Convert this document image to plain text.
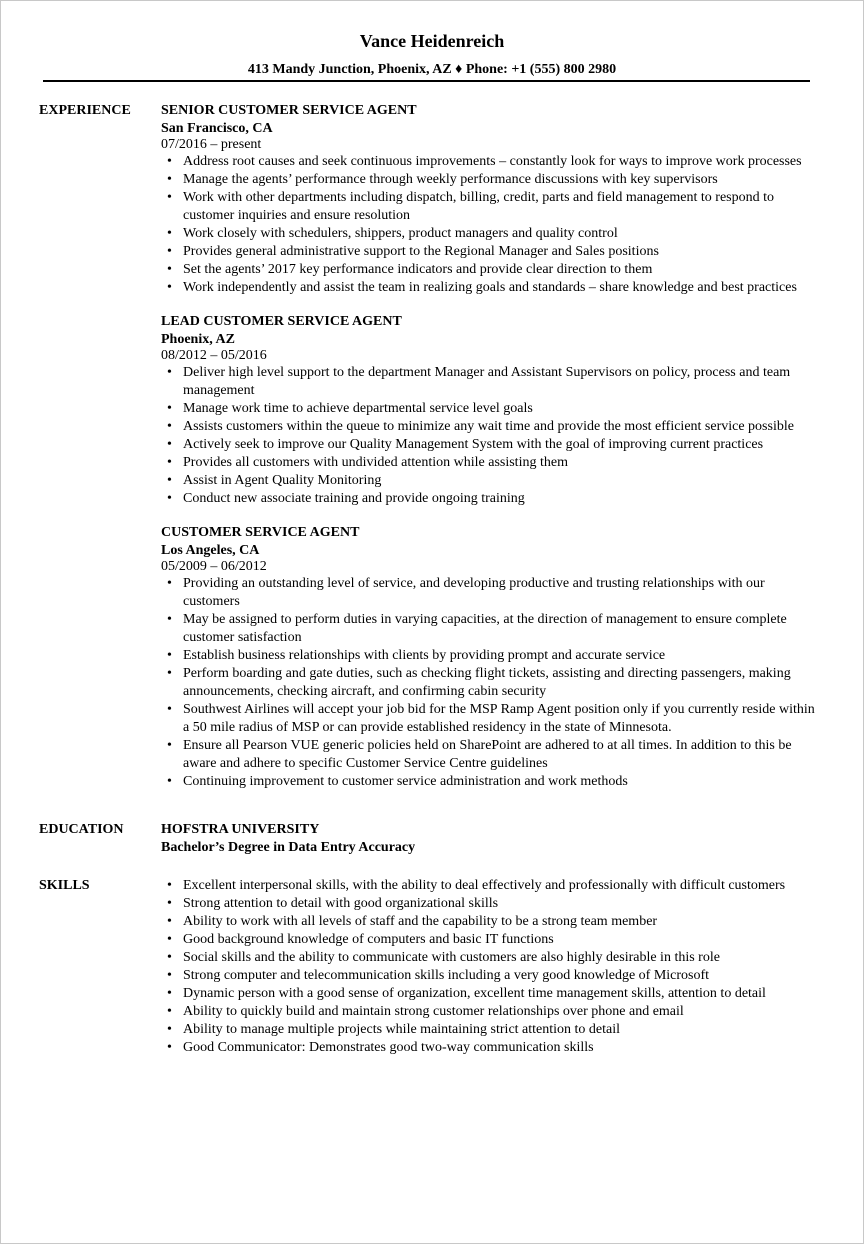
Vance Heidenreich

413 Mandy Junction, Phoenix, AZ ♦ Phone: +1 (555) 800 2980
EXPERIENCE	SENIOR CUSTOMER SERVICE AGENT
San Francisco, CA
07/2016 – present
• Address root causes and seek continuous improvements – constantly look for ways to improve work processes
• Manage the agents’ performance through weekly performance discussions with key supervisors
• Work with other departments including dispatch, billing, credit, parts and field management to respond to customer inquiries and ensure resolution
• Work closely with schedulers, shippers, product managers and quality control
• Provides general administrative support to the Regional Manager and Sales positions
• Set the agents’ 2017 key performance indicators and provide clear direction to them
• Work independently and assist the team in realizing goals and standards – share knowledge and best practices
LEAD CUSTOMER SERVICE AGENT
Phoenix, AZ
08/2012 – 05/2016
• Deliver high level support to the department Manager and Assistant Supervisors on policy, process and team management
• Manage work time to achieve departmental service level goals
• Assists customers within the queue to minimize any wait time and provide the most efficient service possible
• Actively seek to improve our Quality Management System with the goal of improving current practices
• Provides all customers with undivided attention while assisting them
• Assist in Agent Quality Monitoring
• Conduct new associate training and provide ongoing training
CUSTOMER SERVICE AGENT
Los Angeles, CA
05/2009 – 06/2012
• Providing an outstanding level of service, and developing productive and trusting relationships with our customers
• May be assigned to perform duties in varying capacities, at the direction of management to ensure complete customer satisfaction
• Establish business relationships with clients by providing prompt and accurate service
• Perform boarding and gate duties, such as checking flight tickets, assisting and directing passengers, making announcements, checking aircraft, and confirming cabin security
• Southwest Airlines will accept your job bid for the MSP Ramp Agent position only if you currently reside within a 50 mile radius of MSP or can provide established residency in the state of Minnesota.
• Ensure all Pearson VUE generic policies held on SharePoint are adhered to at all times. In addition to this be aware and adhere to specific Customer Service Centre guidelines
• Continuing improvement to customer service administration and work methods
EDUCATION	HOFSTRA UNIVERSITY
Bachelor’s Degree in Data Entry Accuracy
SKILLS
•	Excellent interpersonal skills, with the ability to deal effectively and professionally with difficult customers
• Strong attention to detail with good organizational skills
• Ability to work with all levels of staff and the capability to be a strong team member
• Good background knowledge of computers and basic IT functions
• Social skills and the ability to communicate with customers are also highly desirable in this role
• Strong computer and telecommunication skills including a very good knowledge of Microsoft
• Dynamic person with a good sense of organization, excellent time management skills, attention to detail
• Ability to quickly build and maintain strong customer relationships over phone and email
• Ability to manage multiple projects while maintaining strict attention to detail
• Good Communicator: Demonstrates good two-way communication skills
